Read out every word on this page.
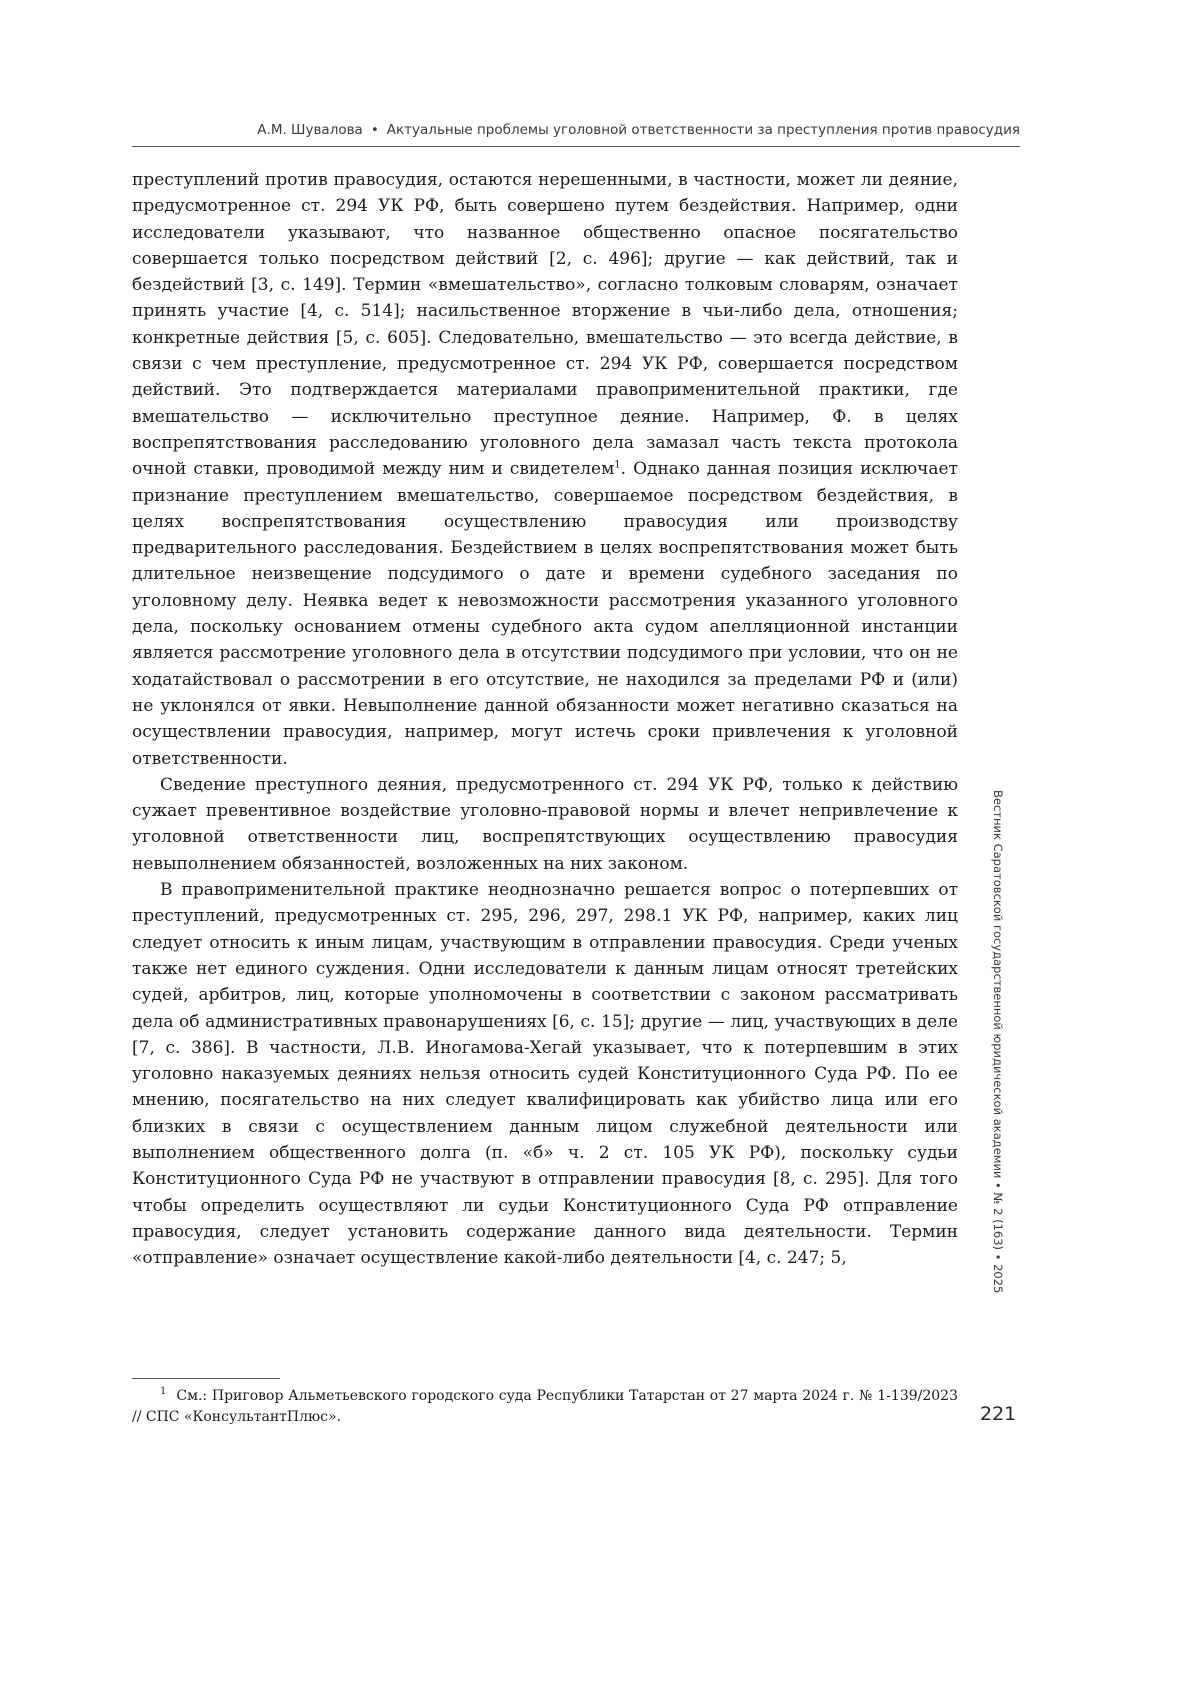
А.М. Шувалова • Актуальные проблемы уголовной ответственности за преступления против правосудия

преступлений против правосудия, остаются нерешенными, в частности, может ли деяние, предусмотренное ст. 294 УК РФ, быть совершено путем бездействия. Например, одни исследователи указывают, что названное общественно опасное посягательство совершается только посредством действий [2, с. 496]; другие — как действий, так и бездействий [3, с. 149]. Термин «вмешательство», согласно толковым словарям, означает принять участие [4, с. 514]; насильственное вторжение в чьи-либо дела, отношения; конкретные действия [5, с. 605]. Следовательно, вмешательство — это всегда действие, в связи с чем преступление, предусмотренное ст. 294 УК РФ, совершается посредством действий. Это подтверждается материалами правоприменительной практики, где вмешательство — исключительно преступное деяние. Например, Ф. в целях воспрепятствования расследованию уголовного дела замазал часть текста протокола очной ставки, проводимой между ним и свидетелем$^1$. Однако данная позиция исключает признание преступлением вмешательство, совершаемое посредством бездействия, в целях воспрепятствования осуществлению правосудия или производству предварительного расследования. Бездействием в целях воспрепятствования может быть длительное неизвещение подсудимого о дате и времени судебного заседания по уголовному делу. Неявка ведет к невозможности рассмотрения указанного уголовного дела, поскольку основанием отмены судебного акта судом апелляционной инстанции является рассмотрение уголовного дела в отсутствии подсудимого при условии, что он не ходатайствовал о рассмотрении в его отсутствие, не находился за пределами РФ и (или) не уклонялся от явки. Невыполнение данной обязанности может негативно сказаться на осуществлении правосудия, например, могут истечь сроки привлечения к уголовной ответственности.

Сведение преступного деяния, предусмотренного ст. 294 УК РФ, только к действию сужает превентивное воздействие уголовно-правовой нормы и влечет непривлечение к уголовной ответственности лиц, воспрепятствующих осуществлению правосудия невыполнением обязанностей, возложенных на них законом.

В правоприменительной практике неоднозначно решается вопрос о потерпевших от преступлений, предусмотренных ст. 295, 296, 297, 298.1 УК РФ, например, каких лиц следует относить к иным лицам, участвующим в отправлении правосудия. Среди ученых также нет единого суждения. Одни исследователи к данным лицам относят третейских судей, арбитров, лиц, которые уполномочены в соответствии с законом рассматривать дела об административных правонарушениях [6, с. 15]; другие — лиц, участвующих в деле [7, с. 386]. В частности, Л.В. Иногамова-Хегай указывает, что к потерпевшим в этих уголовно наказуемых деяниях нельзя относить судей Конституционного Суда РФ. По ее мнению, посягательство на них следует квалифицировать как убийство лица или его близких в связи с осуществлением данным лицом служебной деятельности или выполнением общественного долга (п. «б» ч. 2 ст. 105 УК РФ), поскольку судьи Конституционного Суда РФ не участвуют в отправлении правосудия [8, с. 295]. Для того чтобы определить осуществляют ли судьи Конституционного Суда РФ отправление правосудия, следует установить содержание данного вида деятельности. Термин «отправление» означает осуществление какой-либо деятельности [4, с. 247; 5,

$^1$ См.: Приговор Альметьевского городского суда Республики Татарстан от 27 марта 2024 г. № 1-139/2023 // СПС «КонсультантПлюс».	221
Вестник Саратовской государственной юридической академии • № 2 (163) • 2025
